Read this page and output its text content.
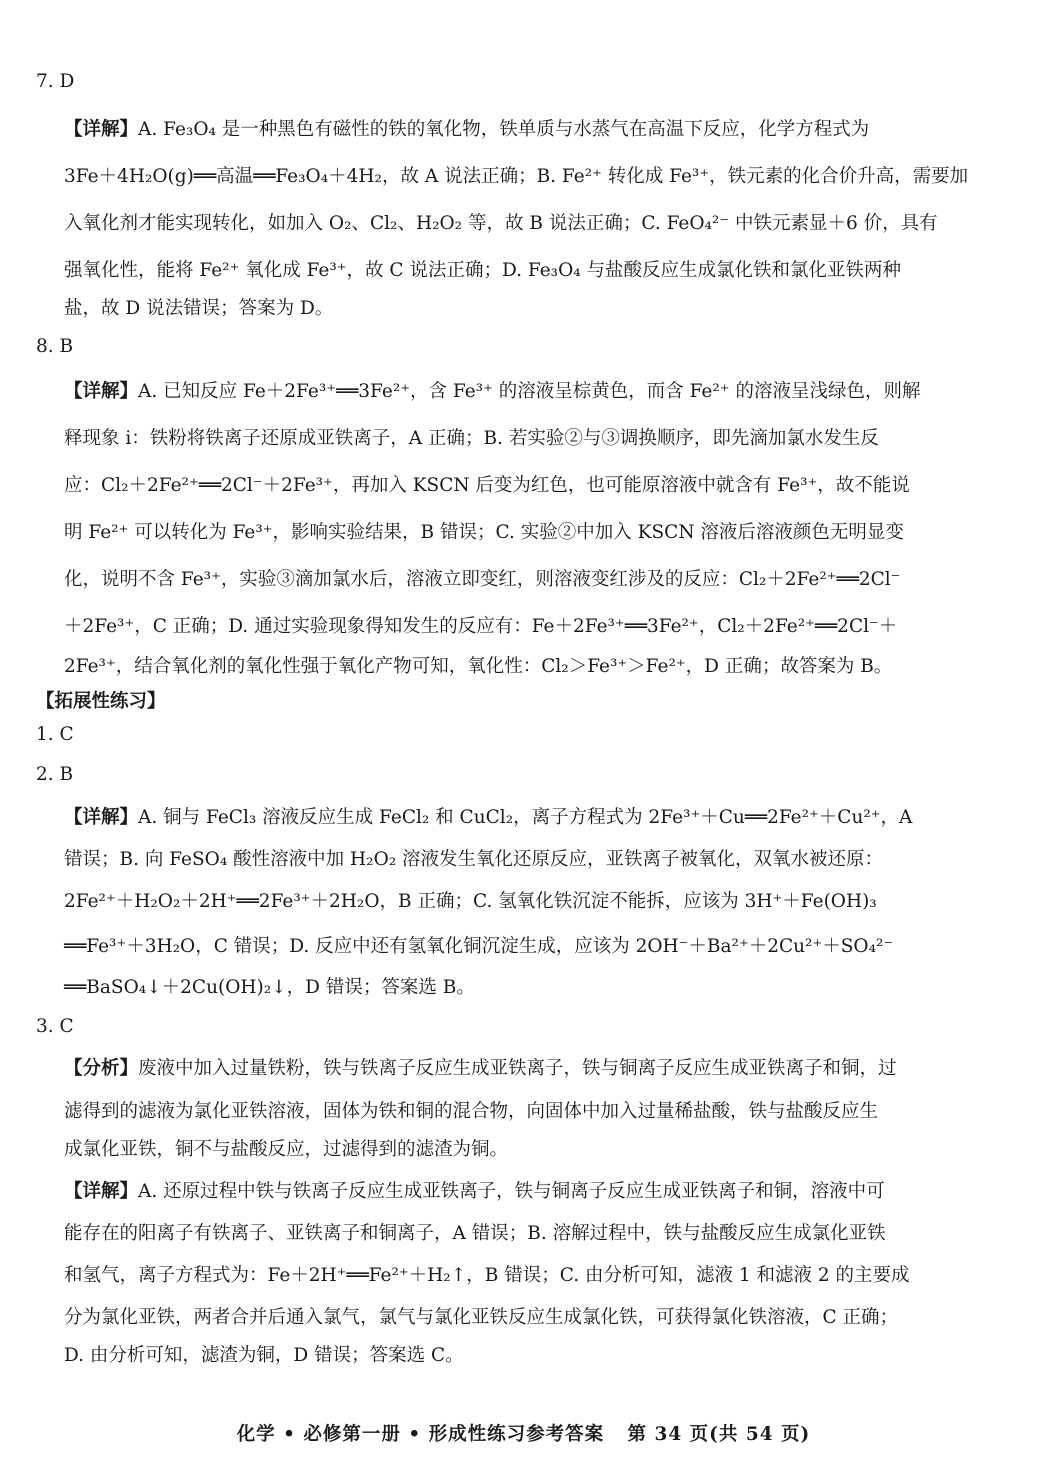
7. D
【详解】A. Fe₃O₄ 是一种黑色有磁性的铁的氧化物，铁单质与水蒸气在高温下反应，化学方程式为
3Fe＋4H₂O(g)══高温══Fe₃O₄＋4H₂，故 A 说法正确；B. Fe²⁺ 转化成 Fe³⁺，铁元素的化合价升高，需要加
入氧化剂才能实现转化，如加入 O₂、Cl₂、H₂O₂ 等，故 B 说法正确；C. FeO₄²⁻ 中铁元素显＋6 价，具有
强氧化性，能将 Fe²⁺ 氧化成 Fe³⁺，故 C 说法正确；D. Fe₃O₄ 与盐酸反应生成氯化铁和氯化亚铁两种
盐，故 D 说法错误；答案为 D。
8. B
【详解】A. 已知反应 Fe＋2Fe³⁺══3Fe²⁺，含 Fe³⁺ 的溶液呈棕黄色，而含 Fe²⁺ 的溶液呈浅绿色，则解
释现象 i：铁粉将铁离子还原成亚铁离子，A 正确；B. 若实验②与③调换顺序，即先滴加氯水发生反
应：Cl₂＋2Fe²⁺══2Cl⁻＋2Fe³⁺，再加入 KSCN 后变为红色，也可能原溶液中就含有 Fe³⁺，故不能说
明 Fe²⁺ 可以转化为 Fe³⁺，影响实验结果，B 错误；C. 实验②中加入 KSCN 溶液后溶液颜色无明显变
化，说明不含 Fe³⁺，实验③滴加氯水后，溶液立即变红，则溶液变红涉及的反应：Cl₂＋2Fe²⁺══2Cl⁻
＋2Fe³⁺，C 正确；D. 通过实验现象得知发生的反应有：Fe＋2Fe³⁺══3Fe²⁺，Cl₂＋2Fe²⁺══2Cl⁻＋
2Fe³⁺，结合氧化剂的氧化性强于氧化产物可知，氧化性：Cl₂＞Fe³⁺＞Fe²⁺，D 正确；故答案为 B。
【拓展性练习】
1. C
2. B
【详解】A. 铜与 FeCl₃ 溶液反应生成 FeCl₂ 和 CuCl₂，离子方程式为 2Fe³⁺＋Cu══2Fe²⁺＋Cu²⁺，A
错误；B. 向 FeSO₄ 酸性溶液中加 H₂O₂ 溶液发生氧化还原反应，亚铁离子被氧化，双氧水被还原：
2Fe²⁺＋H₂O₂＋2H⁺══2Fe³⁺＋2H₂O，B 正确；C. 氢氧化铁沉淀不能拆，应该为 3H⁺＋Fe(OH)₃
══Fe³⁺＋3H₂O，C 错误；D. 反应中还有氢氧化铜沉淀生成，应该为 2OH⁻＋Ba²⁺＋2Cu²⁺＋SO₄²⁻
══BaSO₄↓＋2Cu(OH)₂↓，D 错误；答案选 B。
3. C
【分析】废液中加入过量铁粉，铁与铁离子反应生成亚铁离子，铁与铜离子反应生成亚铁离子和铜，过
滤得到的滤液为氯化亚铁溶液，固体为铁和铜的混合物，向固体中加入过量稀盐酸，铁与盐酸反应生
成氯化亚铁，铜不与盐酸反应，过滤得到的滤渣为铜。
【详解】A. 还原过程中铁与铁离子反应生成亚铁离子，铁与铜离子反应生成亚铁离子和铜，溶液中可
能存在的阳离子有铁离子、亚铁离子和铜离子，A 错误；B. 溶解过程中，铁与盐酸反应生成氯化亚铁
和氢气，离子方程式为：Fe＋2H⁺══Fe²⁺＋H₂↑，B 错误；C. 由分析可知，滤液 1 和滤液 2 的主要成
分为氯化亚铁，两者合并后通入氯气，氯气与氯化亚铁反应生成氯化铁，可获得氯化铁溶液，C 正确；
D. 由分析可知，滤渣为铜，D 错误；答案选 C。
化学 • 必修第一册 • 形成性练习参考答案 第 34 页(共 54 页)
